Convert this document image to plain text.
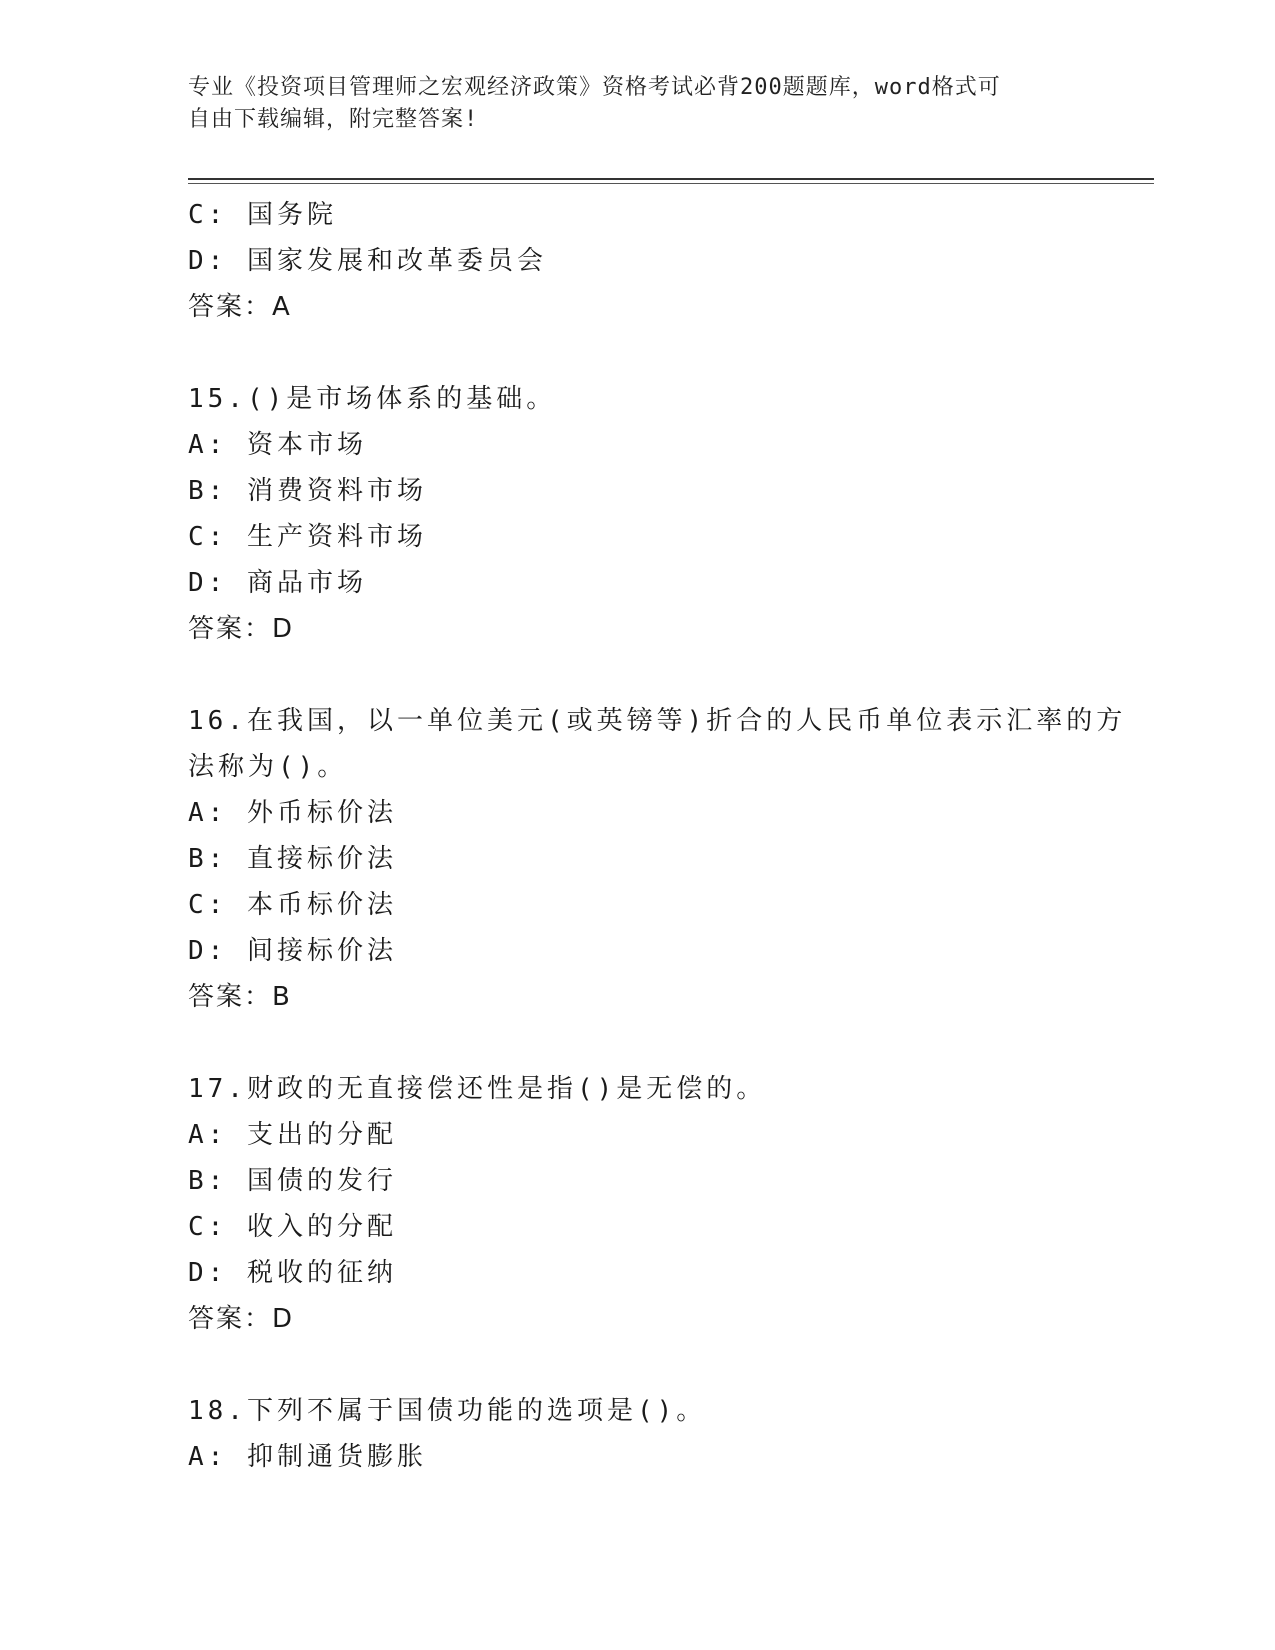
专业《投资项目管理师之宏观经济政策》资格考试必背200题题库，word格式可
自由下载编辑，附完整答案!
C: 国务院
D: 国家发展和改革委员会
答案：A
15.()是市场体系的基础。
A: 资本市场
B: 消费资料市场
C: 生产资料市场
D: 商品市场
答案：D
16.在我国，以一单位美元(或英镑等)折合的人民币单位表示汇率的方
法称为()。
A: 外币标价法
B: 直接标价法
C: 本币标价法
D: 间接标价法
答案：B
17.财政的无直接偿还性是指()是无偿的。
A: 支出的分配
B: 国债的发行
C: 收入的分配
D: 税收的征纳
答案：D
18.下列不属于国债功能的选项是()。
A: 抑制通货膨胀
